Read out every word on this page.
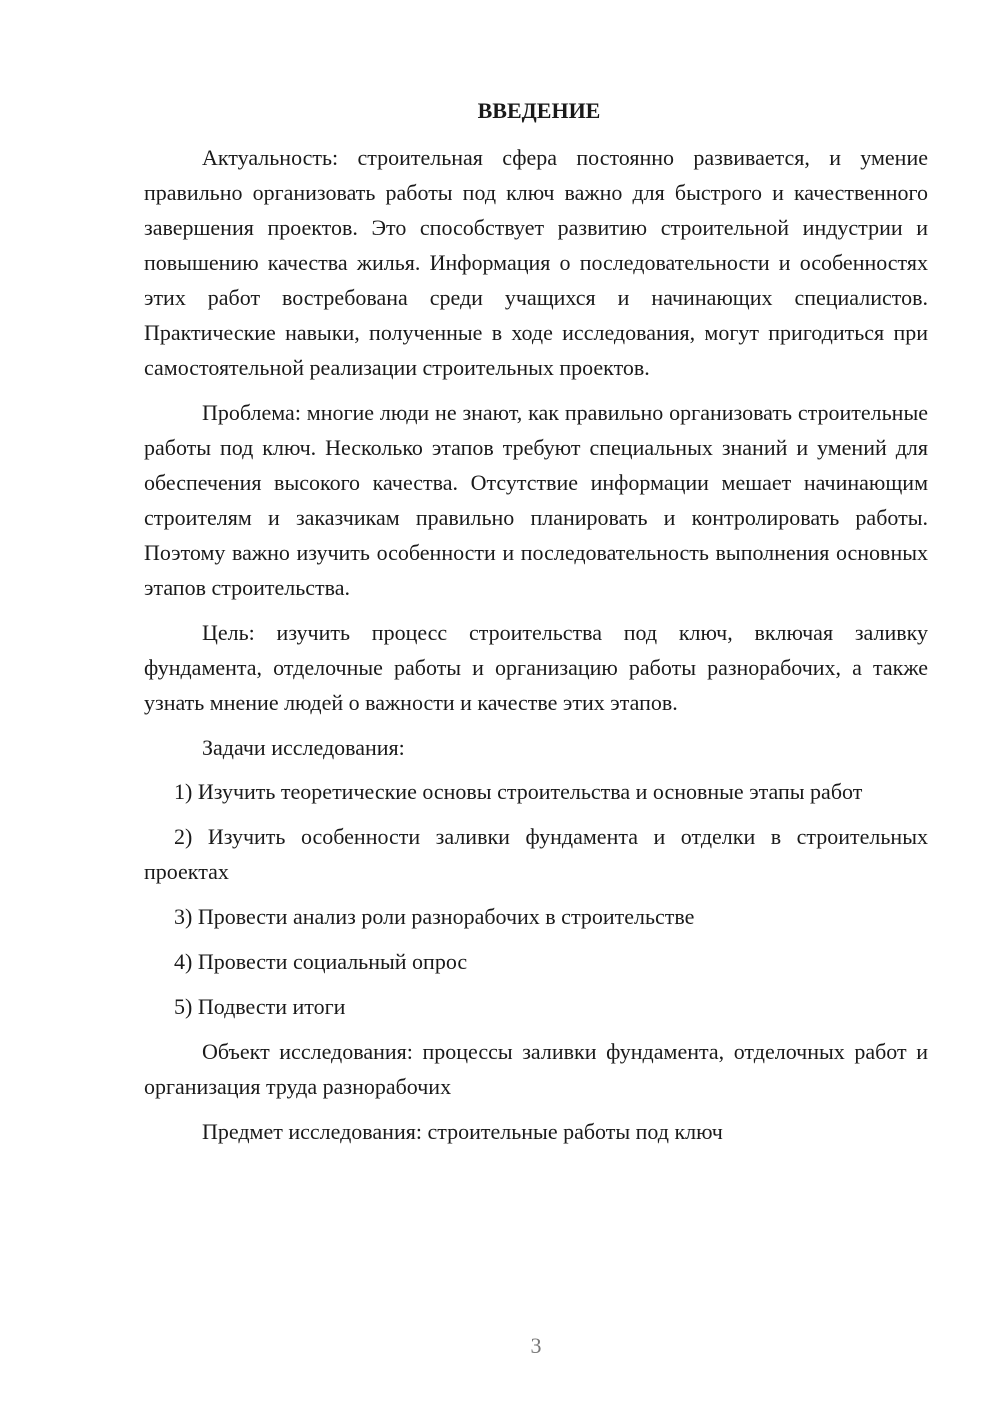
ВВЕДЕНИЕ

Актуальность: строительная сфера постоянно развивается, и умение правильно организовать работы под ключ важно для быстрого и качественного завершения проектов. Это способствует развитию строительной индустрии и повышению качества жилья. Информация о последовательности и особенностях этих работ востребована среди учащихся и начинающих специалистов. Практические навыки, полученные в ходе исследования, могут пригодиться при самостоятельной реализации строительных проектов.

Проблема: многие люди не знают, как правильно организовать строительные работы под ключ. Несколько этапов требуют специальных знаний и умений для обеспечения высокого качества. Отсутствие информации мешает начинающим строителям и заказчикам правильно планировать и контролировать работы. Поэтому важно изучить особенности и последовательность выполнения основных этапов строительства.

Цель: изучить процесс строительства под ключ, включая заливку фундамента, отделочные работы и организацию работы разнорабочих, а также узнать мнение людей о важности и качестве этих этапов.

Задачи исследования:

1) Изучить теоретические основы строительства и основные этапы работ

2) Изучить особенности заливки фундамента и отделки в строительных проектах

3) Провести анализ роли разнорабочих в строительстве

4) Провести социальный опрос

5) Подвести итоги

Объект исследования: процессы заливки фундамента, отделочных работ и организация труда разнорабочих

Предмет исследования: строительные работы под ключ

3
